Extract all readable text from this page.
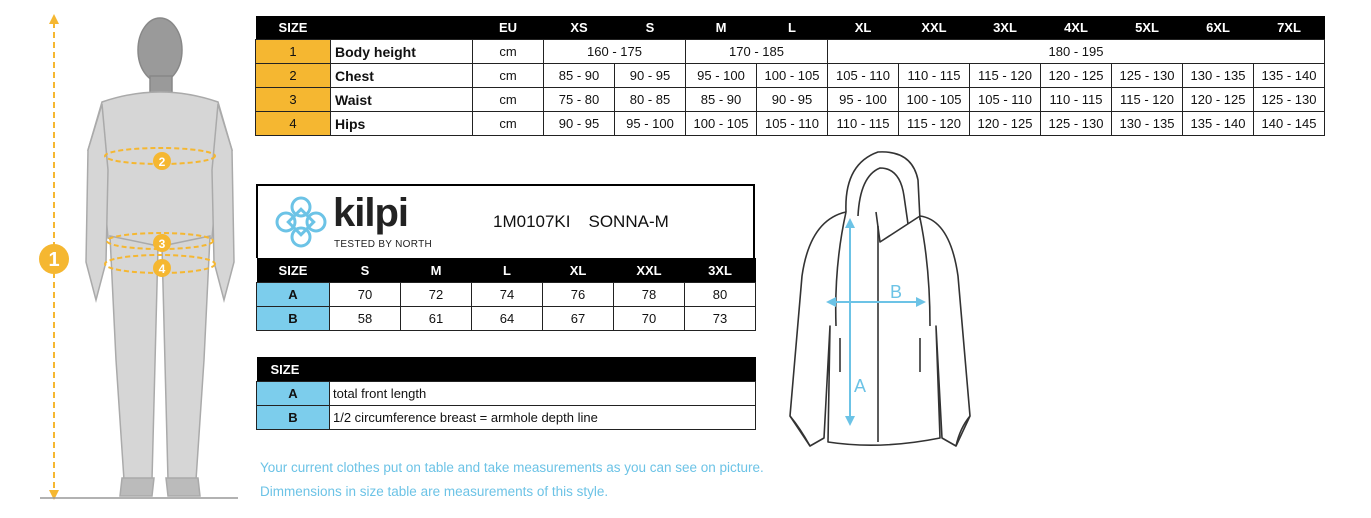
1
2
3
4
SIZE		EU	XS	S	M	L	XL	XXL	3XL	4XL	5XL	6XL	7XL
1	Body height	cm	160 - 175		170 - 185		180 - 195						
2	Chest	cm	85 - 90	90 - 95	95 - 100	100 - 105	105 - 110	110 - 115	115 - 120	120 - 125	125 - 130	130 - 135	135 - 140
3	Waist	cm	75 - 80	80 - 85	85 - 90	90 - 95	95 - 100	100 - 105	105 - 110	110 - 115	115 - 120	120 - 125	125 - 130
4	Hips	cm	90 - 95	95 - 100	100 - 105	105 - 110	110 - 115	115 - 120	120 - 125	125 - 130	130 - 135	135 - 140	140 - 145
kilpi
TESTED BY NORTH
1M0107KI SONNA-M
SIZE	S	M	L	XL	XXL	3XL
A	70	72	74	76	78	80
B	58	61	64	67	70	73
SIZE	
A	total front length
B	1/2 circumference breast = armhole depth line
A
B
Your current clothes put on table and take measurements as you can see on picture.
Dimmensions in size table are measurements of this style.
